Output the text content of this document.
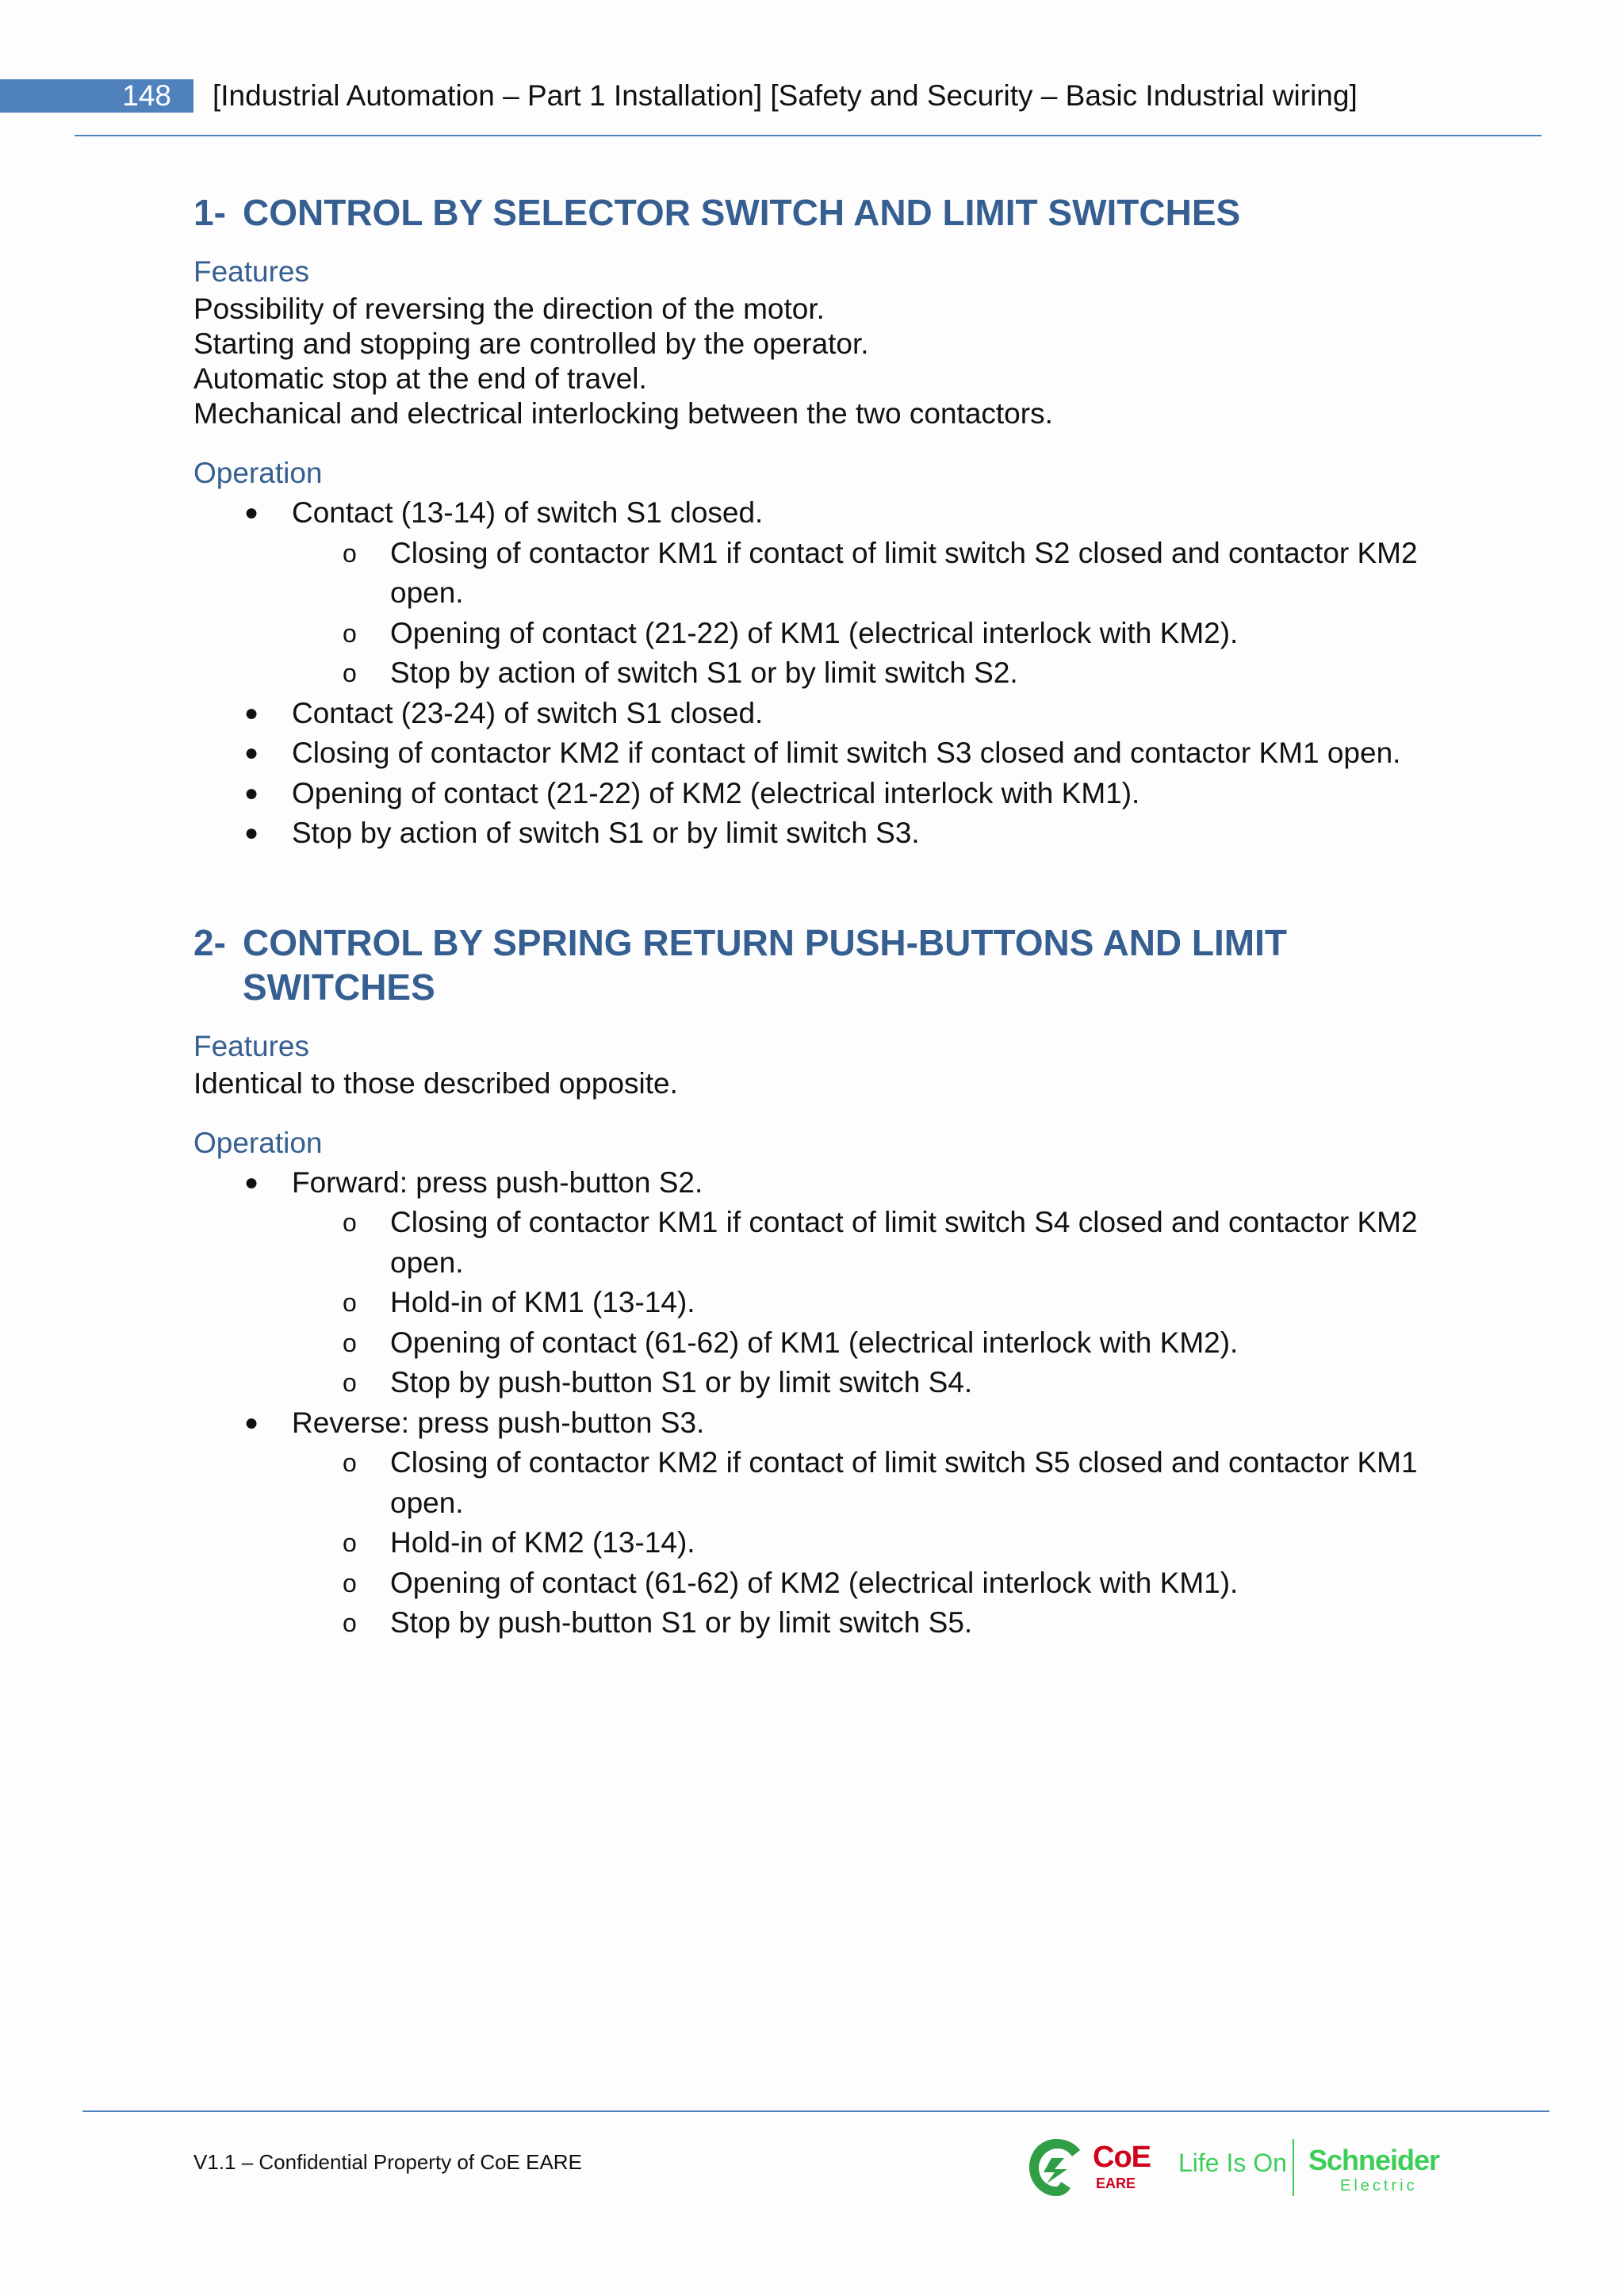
148	[Industrial Automation – Part 1 Installation] [Safety and Security – Basic Industrial wiring]
1- CONTROL BY SELECTOR SWITCH AND LIMIT SWITCHES

Features

Possibility of reversing the direction of the motor.

Starting and stopping are controlled by the operator.

Automatic stop at the end of travel.

Mechanical and electrical interlocking between the two contactors.

Operation

● Contact (13-14) of switch S1 closed.
o Closing of contactor KM1 if contact of limit switch S2 closed and contactor KM2 open.
o Opening of contact (21-22) of KM1 (electrical interlock with KM2).
o Stop by action of switch S1 or by limit switch S2.
● Contact (23-24) of switch S1 closed.
● Closing of contactor KM2 if contact of limit switch S3 closed and contactor KM1 open.
● Opening of contact (21-22) of KM2 (electrical interlock with KM1).
● Stop by action of switch S1 or by limit switch S3.
2- CONTROL BY SPRING RETURN PUSH-BUTTONS AND LIMIT
SWITCHES

Features

Identical to those described opposite.

Operation

● Forward: press push-button S2.
o Closing of contactor KM1 if contact of limit switch S4 closed and contactor KM2 open.
o Hold-in of KM1 (13-14).
o Opening of contact (61-62) of KM1 (electrical interlock with KM2).
o Stop by push-button S1 or by limit switch S4.
● Reverse: press push-button S3.
o Closing of contactor KM2 if contact of limit switch S5 closed and contactor KM1 open.
o Hold-in of KM2 (13-14).
o Opening of contact (61-62) of KM2 (electrical interlock with KM1).
o Stop by push-button S1 or by limit switch S5.
V1.1 – Confidential Property of CoE EARE	CoE
EARE
Life Is On Schneider
Electric
